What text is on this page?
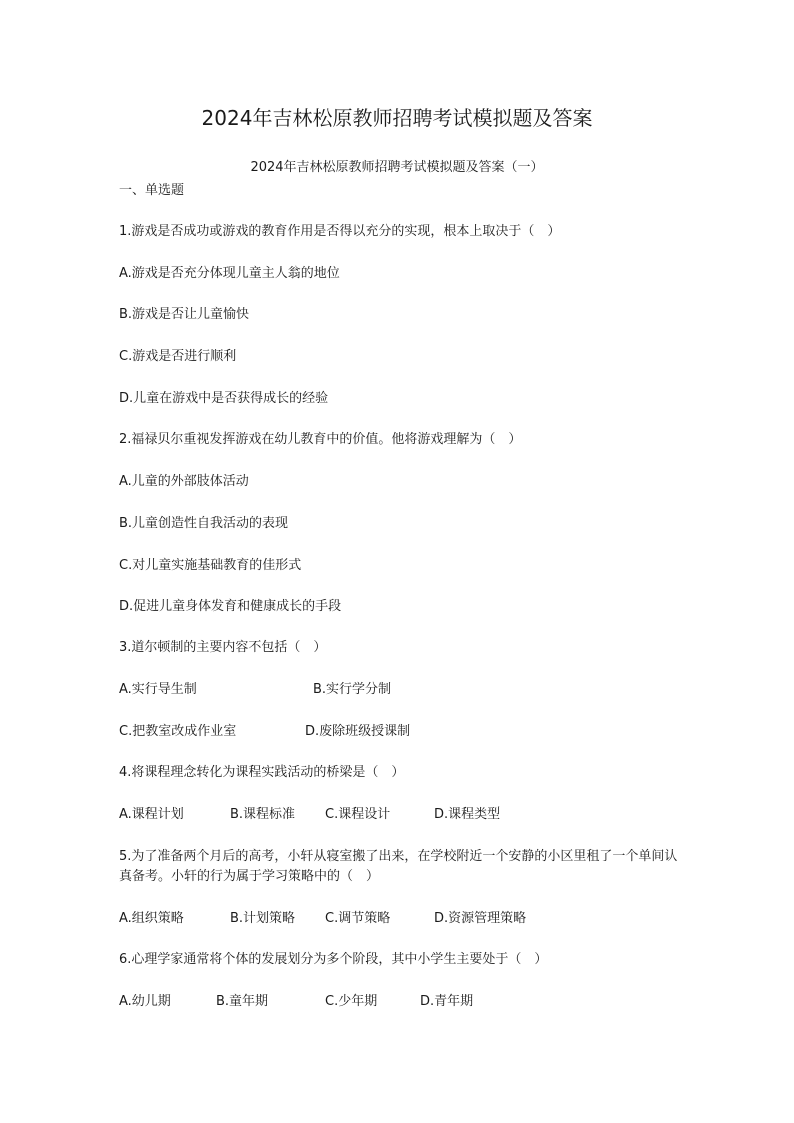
2024年吉林松原教师招聘考试模拟题及答案
2024年吉林松原教师招聘考试模拟题及答案（一）
一、单选题
1.游戏是否成功或游戏的教育作用是否得以充分的实现，根本上取决于（　）
A.游戏是否充分体现儿童主人翁的地位
B.游戏是否让儿童愉快
C.游戏是否进行顺利
D.儿童在游戏中是否获得成长的经验
2.福禄贝尔重视发挥游戏在幼儿教育中的价值。他将游戏理解为（　）
A.儿童的外部肢体活动
B.儿童创造性自我活动的表现
C.对儿童实施基础教育的佳形式
D.促进儿童身体发育和健康成长的手段
3.道尔顿制的主要内容不包括（　）
A.实行导生制	B.实行学分制
C.把教室改成作业室	D.废除班级授课制
4.将课程理念转化为课程实践活动的桥梁是（　）
A.课程计划	B.课程标准 C.课程设计	D.课程类型
5.为了准备两个月后的高考，小轩从寝室搬了出来，在学校附近一个安静的小区里租了一个单间认真备考。小轩的行为属于学习策略中的（　）
A.组织策略	B.计划策略 C.调节策略	D.资源管理策略
6.心理学家通常将个体的发展划分为多个阶段，其中小学生主要处于（　）
A.幼儿期	B.童年期	C.少年期	D.青年期
